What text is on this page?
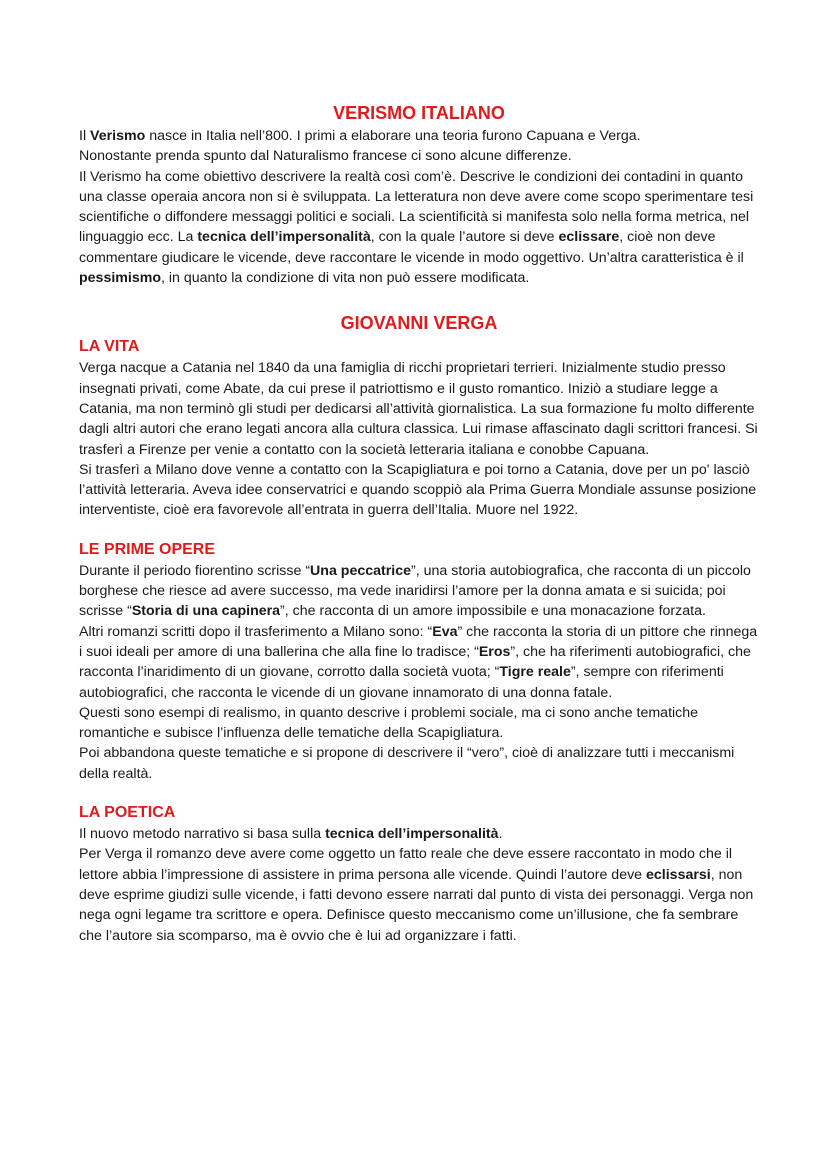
VERISMO ITALIANO

Il Verismo nasce in Italia nell’800. I primi a elaborare una teoria furono Capuana e Verga.

Nonostante prenda spunto dal Naturalismo francese ci sono alcune differenze.

Il Verismo ha come obiettivo descrivere la realtà così com’è. Descrive le condizioni dei contadini in quanto una classe operaia ancora non si è sviluppata. La letteratura non deve avere come scopo sperimentare tesi scientifiche o diffondere messaggi politici e sociali. La scientificità si manifesta solo nella forma metrica, nel linguaggio ecc. La tecnica dell’impersonalità, con la quale l’autore si deve eclissare, cioè non deve commentare giudicare le vicende, deve raccontare le vicende in modo oggettivo. Un’altra caratteristica è il pessimismo, in quanto la condizione di vita non può essere modificata.

GIOVANNI VERGA
LA VITA

Verga nacque a Catania nel 1840 da una famiglia di ricchi proprietari terrieri. Inizialmente studio presso insegnati privati, come Abate, da cui prese il patriottismo e il gusto romantico. Iniziò a studiare legge a Catania, ma non terminò gli studi per dedicarsi all’attività giornalistica. La sua formazione fu molto differente dagli altri autori che erano legati ancora alla cultura classica. Lui rimase affascinato dagli scrittori francesi. Si trasferì a Firenze per venie a contatto con la società letteraria italiana e conobbe Capuana.

Si trasferì a Milano dove venne a contatto con la Scapigliatura e poi torno a Catania, dove per un po' lasciò l’attività letteraria. Aveva idee conservatrici e quando scoppiò ala Prima Guerra Mondiale assunse posizione interventiste, cioè era favorevole all’entrata in guerra dell’Italia. Muore nel 1922.

LE PRIME OPERE

Durante il periodo fiorentino scrisse “Una peccatrice”, una storia autobiografica, che racconta di un piccolo borghese che riesce ad avere successo, ma vede inaridirsi l’amore per la donna amata e si suicida; poi scrisse “Storia di una capinera”, che racconta di un amore impossibile e una monacazione forzata.

Altri romanzi scritti dopo il trasferimento a Milano sono: “Eva” che racconta la storia di un pittore che rinnega i suoi ideali per amore di una ballerina che alla fine lo tradisce; “Eros”, che ha riferimenti autobiografici, che racconta l’inaridimento di un giovane, corrotto dalla società vuota; “Tigre reale”, sempre con riferimenti autobiografici, che racconta le vicende di un giovane innamorato di una donna fatale.

Questi sono esempi di realismo, in quanto descrive i problemi sociale, ma ci sono anche tematiche romantiche e subisce l’influenza delle tematiche della Scapigliatura.

Poi abbandona queste tematiche e si propone di descrivere il “vero”, cioè di analizzare tutti i meccanismi della realtà.

LA POETICA

Il nuovo metodo narrativo si basa sulla tecnica dell’impersonalità.

Per Verga il romanzo deve avere come oggetto un fatto reale che deve essere raccontato in modo che il lettore abbia l’impressione di assistere in prima persona alle vicende. Quindi l’autore deve eclissarsi, non deve esprime giudizi sulle vicende, i fatti devono essere narrati dal punto di vista dei personaggi. Verga non nega ogni legame tra scrittore e opera. Definisce questo meccanismo come un’illusione, che fa sembrare che l’autore sia scomparso, ma è ovvio che è lui ad organizzare i fatti.
